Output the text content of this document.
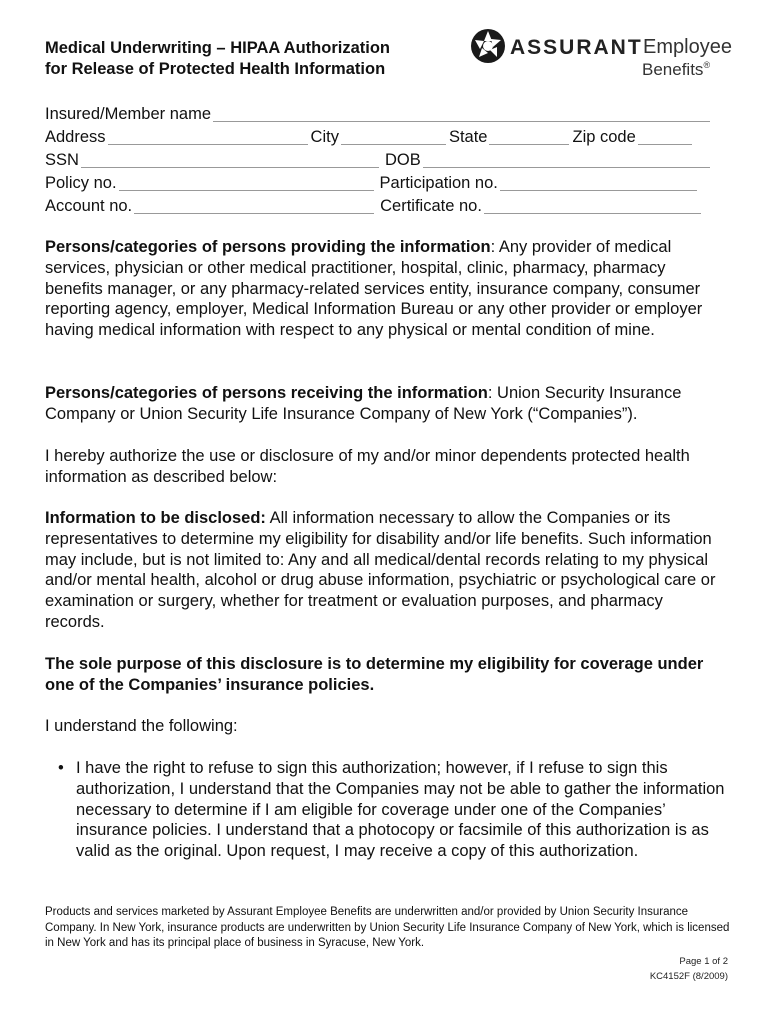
Medical Underwriting – HIPAA Authorization
for Release of Protected Health Information
ASSURANT Employee
Benefits®
Insured/Member name
Address	City	State	Zip code
SSN	DOB
Policy no.	Participation no.
Account no.	Certificate no.

Persons/categories of persons providing the information: Any provider of medical services, physician or other medical practitioner, hospital, clinic, pharmacy, pharmacy benefits manager, or any pharmacy-related services entity, insurance company, consumer reporting agency, employer, Medical Information Bureau or any other provider or employer having medical information with respect to any physical or mental condition of mine.

Persons/categories of persons receiving the information: Union Security Insurance Company or Union Security Life Insurance Company of New York (“Companies”).

I hereby authorize the use or disclosure of my and/or minor dependents protected health information as described below:

Information to be disclosed: All information necessary to allow the Companies or its representatives to determine my eligibility for disability and/or life benefits. Such information may include, but is not limited to: Any and all medical/dental records relating to my physical and/or mental health, alcohol or drug abuse information, psychiatric or psychological care or examination or surgery, whether for treatment or evaluation purposes, and pharmacy records.

The sole purpose of this disclosure is to determine my eligibility for coverage under one of the Companies’ insurance policies.

I understand the following:

• I have the right to refuse to sign this authorization; however, if I refuse to sign this authorization, I understand that the Companies may not be able to gather the information necessary to determine if I am eligible for coverage under one of the Companies’ insurance policies. I understand that a photocopy or facsimile of this authorization is as valid as the original. Upon request, I may receive a copy of this authorization.
Products and services marketed by Assurant Employee Benefits are underwritten and/or provided by Union Security Insurance Company. In New York, insurance products are underwritten by Union Security Life Insurance Company of New York, which is licensed in New York and has its principal place of business in Syracuse, New York.
Page 1 of 2
KC4152F (8/2009)
